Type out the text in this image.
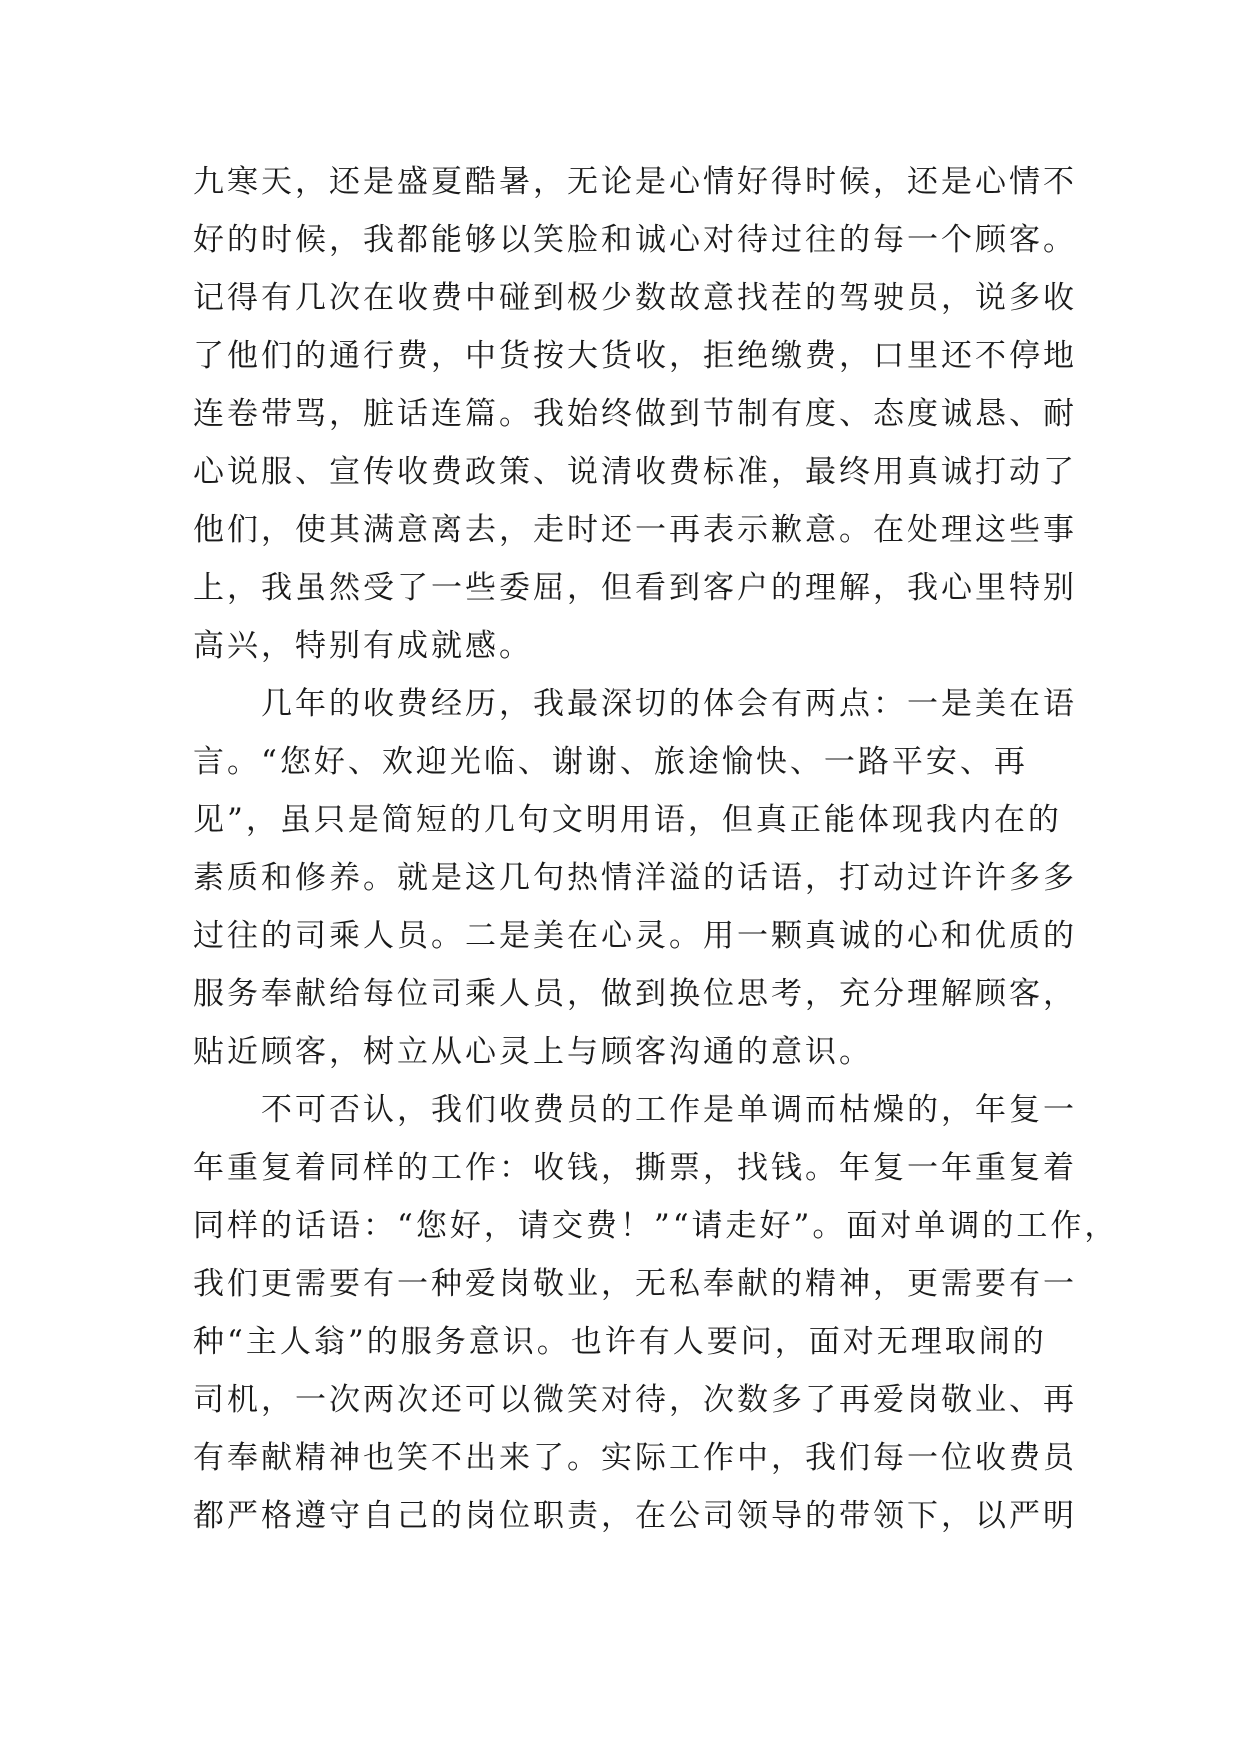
九寒天，还是盛夏酷暑，无论是心情好得时候，还是心情不
好的时候，我都能够以笑脸和诚心对待过往的每一个顾客。
记得有几次在收费中碰到极少数故意找茬的驾驶员，说多收
了他们的通行费，中货按大货收，拒绝缴费，口里还不停地
连卷带骂，脏话连篇。我始终做到节制有度、态度诚恳、耐
心说服、宣传收费政策、说清收费标准，最终用真诚打动了
他们，使其满意离去，走时还一再表示歉意。在处理这些事
上，我虽然受了一些委屈，但看到客户的理解，我心里特别
高兴，特别有成就感。
几年的收费经历，我最深切的体会有两点：一是美在语
言。“您好、欢迎光临、谢谢、旅途愉快、一路平安、再
见”，虽只是简短的几句文明用语，但真正能体现我内在的
素质和修养。就是这几句热情洋溢的话语，打动过许许多多
过往的司乘人员。二是美在心灵。用一颗真诚的心和优质的
服务奉献给每位司乘人员，做到换位思考，充分理解顾客，
贴近顾客，树立从心灵上与顾客沟通的意识。
不可否认，我们收费员的工作是单调而枯燥的，年复一
年重复着同样的工作：收钱，撕票，找钱。年复一年重复着
同样的话语：“您好，请交费！”“请走好”。面对单调的工作，
我们更需要有一种爱岗敬业，无私奉献的精神，更需要有一
种“主人翁”的服务意识。也许有人要问，面对无理取闹的
司机，一次两次还可以微笑对待，次数多了再爱岗敬业、再
有奉献精神也笑不出来了。实际工作中，我们每一位收费员
都严格遵守自己的岗位职责，在公司领导的带领下，以严明
